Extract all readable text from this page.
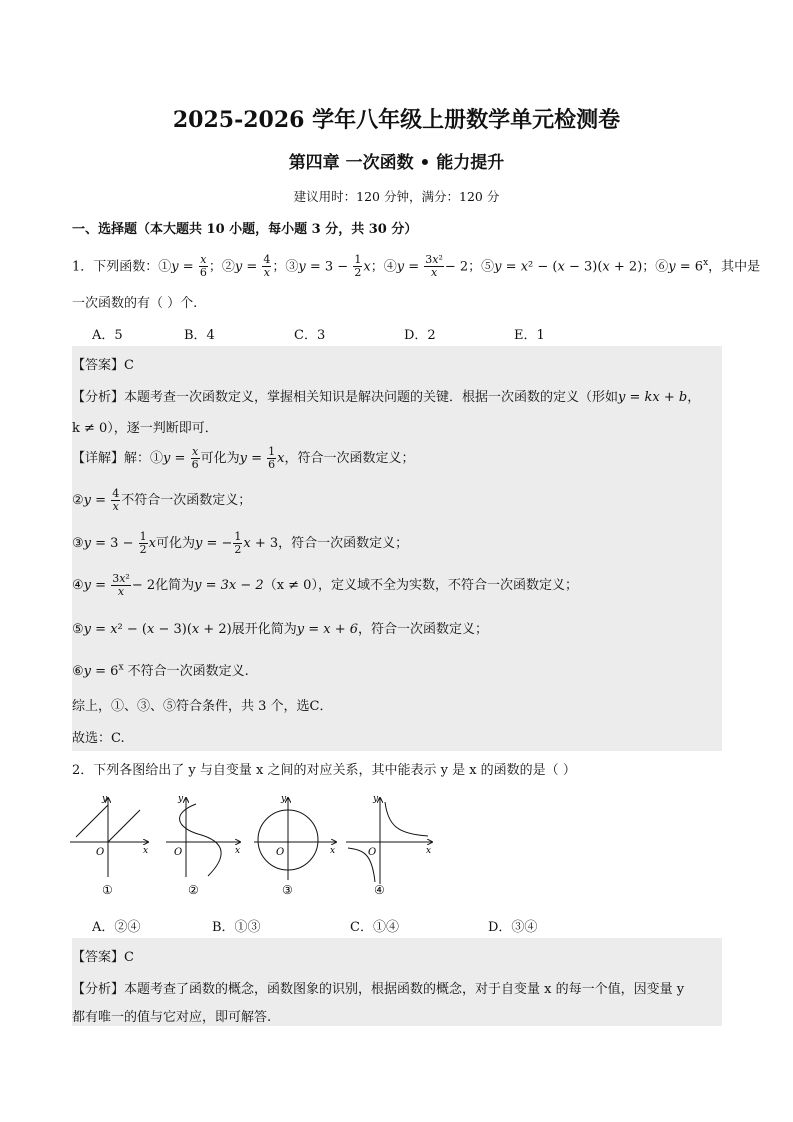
2025-2026 学年八年级上册数学单元检测卷
第四章 一次函数 • 能力提升
建议用时：120 分钟，满分：120 分
一、选择题（本大题共 10 小题，每小题 3 分，共 30 分）
1．下列函数：①y = $\frac{x}{6}$ ；②y = $\frac{4}{x}$ ；③y = $3 - \frac{1}{2}$ x；④y = $\frac{\text{3x²}}{x} - 2$；⑤y = x² − (x − 3)(x + 2)；⑥y = $6^x$，其中是
一次函数的有（ ）个.
A．5	B．4	C．3	D．2	E．1
【答案】C
【分析】本题考查一次函数定义，掌握相关知识是解决问题的关键．根据一次函数的定义（形如y = kx + b，
k ≠ 0），逐一判断即可．
【详解】解：①y = $\frac{x}{6}$ 可化为$y = \frac{1}{6}$ x，符合一次函数定义；
②y = $\frac{4}{x}$ 不符合一次函数定义；
③y = $3 - \frac{1}{2}$ x可化为y = − $\frac{1}{2}$ x + 3，符合一次函数定义；
④y = $\frac{\text{3x²}}{x} - 2$化简为y = 3x − 2（x ≠ 0），定义域不全为实数，不符合一次函数定义；
⑤y = x² − (x − 3)(x + 2)展开化简为y = x + 6，符合一次函数定义；
⑥y = $6^x$ 不符合一次函数定义.
综上，①、③、⑤符合条件，共 3 个，选C．
故选：C.
2．下列各图给出了 y 与自变量 x 之间的对应关系，其中能表示 y 是 x 的函数的是（ ）
y
x
O
①
y
x
O
②
y
x
O
③
y
x
O
④
A．②④	B．①③	C．①④	D．③④
【答案】C
【分析】本题考查了函数的概念，函数图象的识别，根据函数的概念，对于自变量 x 的每一个值，因变量 y
都有唯一的值与它对应，即可解答.
